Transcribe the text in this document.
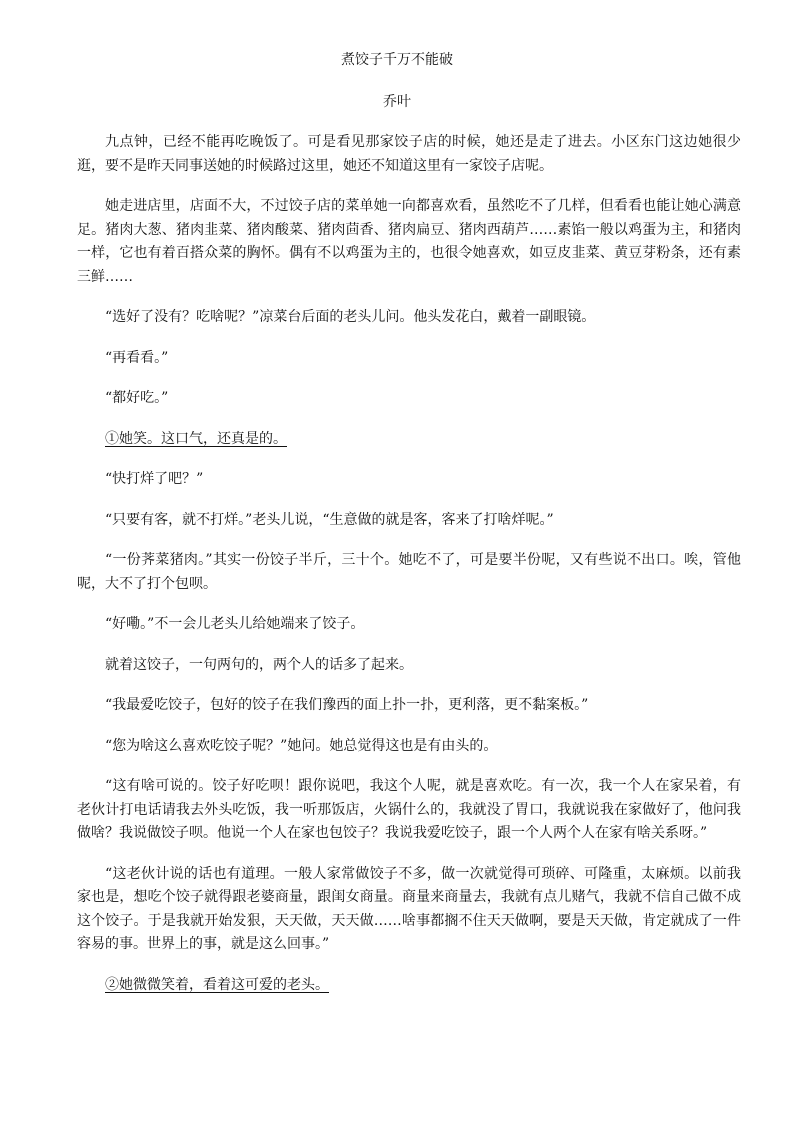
煮饺子千万不能破
乔叶

九点钟，已经不能再吃晚饭了。可是看见那家饺子店的时候，她还是走了进去。小区东门这边她很少逛，要不是昨天同事送她的时候路过这里，她还不知道这里有一家饺子店呢。

她走进店里，店面不大，不过饺子店的菜单她一向都喜欢看，虽然吃不了几样，但看看也能让她心满意足。猪肉大葱、猪肉韭菜、猪肉酸菜、猪肉茴香、猪肉扁豆、猪肉西葫芦……素馅一般以鸡蛋为主，和猪肉一样，它也有着百搭众菜的胸怀。偶有不以鸡蛋为主的，也很令她喜欢，如豆皮韭菜、黄豆芽粉条，还有素三鲜……

“选好了没有？吃啥呢？”凉菜台后面的老头儿问。他头发花白，戴着一副眼镜。

“再看看。”

“都好吃。”

①她笑。这口气，还真是的。

“快打烊了吧？”

“只要有客，就不打烊。”老头儿说，“生意做的就是客，客来了打啥烊呢。”

“一份荠菜猪肉。”其实一份饺子半斤，三十个。她吃不了，可是要半份呢，又有些说不出口。唉，管他呢，大不了打个包呗。

“好嘞。”不一会儿老头儿给她端来了饺子。

就着这饺子，一句两句的，两个人的话多了起来。

“我最爱吃饺子，包好的饺子在我们豫西的面上扑一扑，更利落，更不黏案板。”

“您为啥这么喜欢吃饺子呢？”她问。她总觉得这也是有由头的。

“这有啥可说的。饺子好吃呗！跟你说吧，我这个人呢，就是喜欢吃。有一次，我一个人在家呆着，有老伙计打电话请我去外头吃饭，我一听那饭店，火锅什么的，我就没了胃口，我就说我在家做好了，他问我做啥？我说做饺子呗。他说一个人在家也包饺子？我说我爱吃饺子，跟一个人两个人在家有啥关系呀。”

“这老伙计说的话也有道理。一般人家常做饺子不多，做一次就觉得可琐碎、可隆重，太麻烦。以前我家也是，想吃个饺子就得跟老婆商量，跟闺女商量。商量来商量去，我就有点儿赌气，我就不信自己做不成这个饺子。于是我就开始发狠，天天做，天天做……啥事都搁不住天天做啊，要是天天做，肯定就成了一件容易的事。世界上的事，就是这么回事。”

②她微微笑着，看着这可爱的老头。
